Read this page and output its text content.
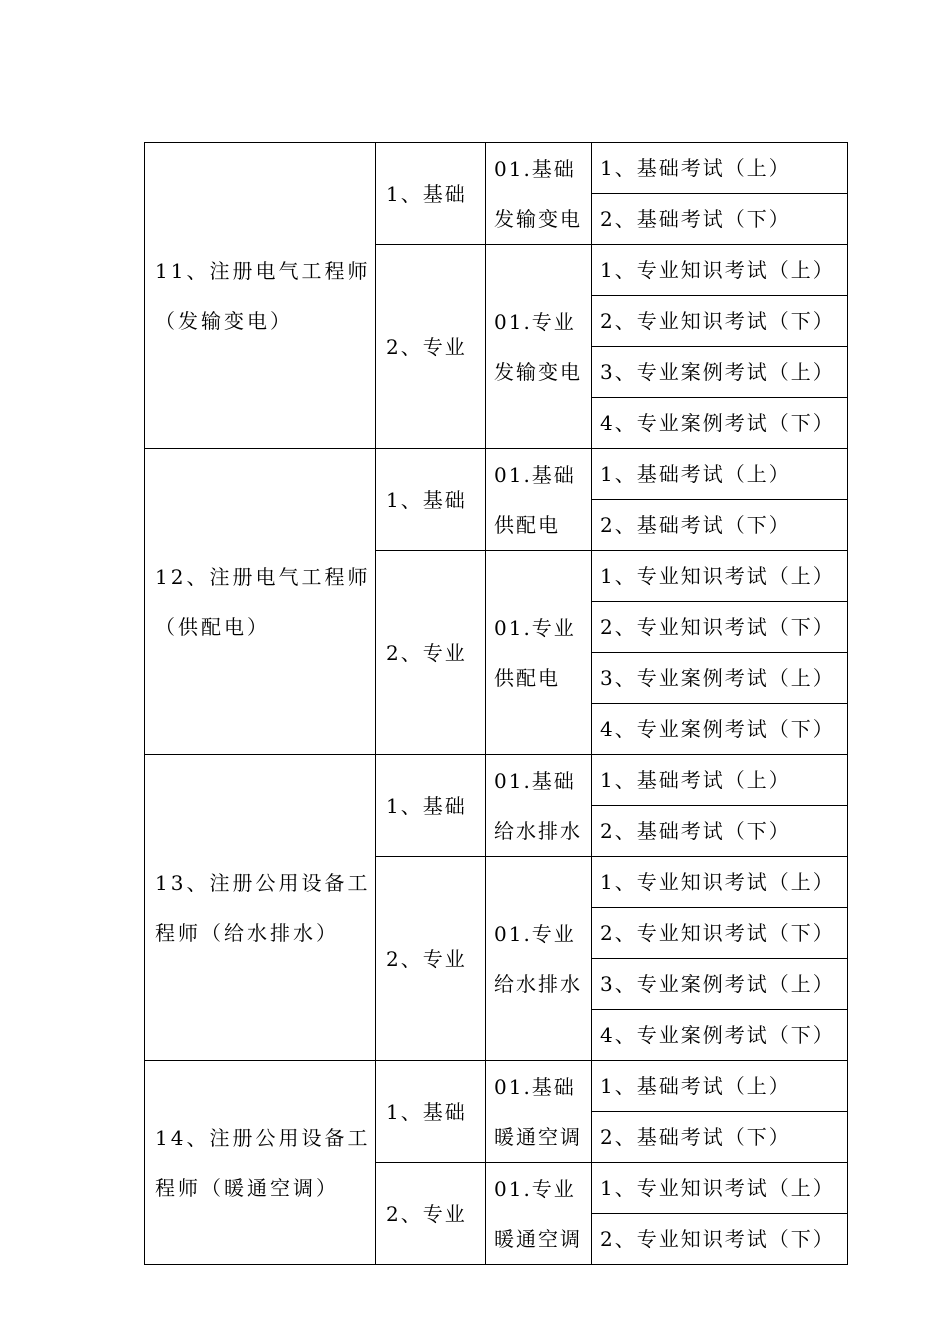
11、注册电气工程师（发输变电）	1、基础	01.基础发输变电	1、基础考试（上）
			2、基础考试（下）
	2、专业	01.专业发输变电	1、专业知识考试（上）
			2、专业知识考试（下）
			3、专业案例考试（上）
			4、专业案例考试（下）

12、注册电气工程师（供配电）	1、基础	01.基础供配电	1、基础考试（上）
			2、基础考试（下）
	2、专业	01.专业供配电	1、专业知识考试（上）
			2、专业知识考试（下）
			3、专业案例考试（上）
			4、专业案例考试（下）

13、注册公用设备工程师（给水排水）	1、基础	01.基础给水排水	1、基础考试（上）
			2、基础考试（下）
	2、专业	01.专业给水排水	1、专业知识考试（上）
			2、专业知识考试（下）
			3、专业案例考试（上）
			4、专业案例考试（下）

14、注册公用设备工程师（暖通空调）	1、基础	01.基础暖通空调	1、基础考试（上）
			2、基础考试（下）
	2、专业	01.专业暖通空调	1、专业知识考试（上）
			2、专业知识考试（下）
